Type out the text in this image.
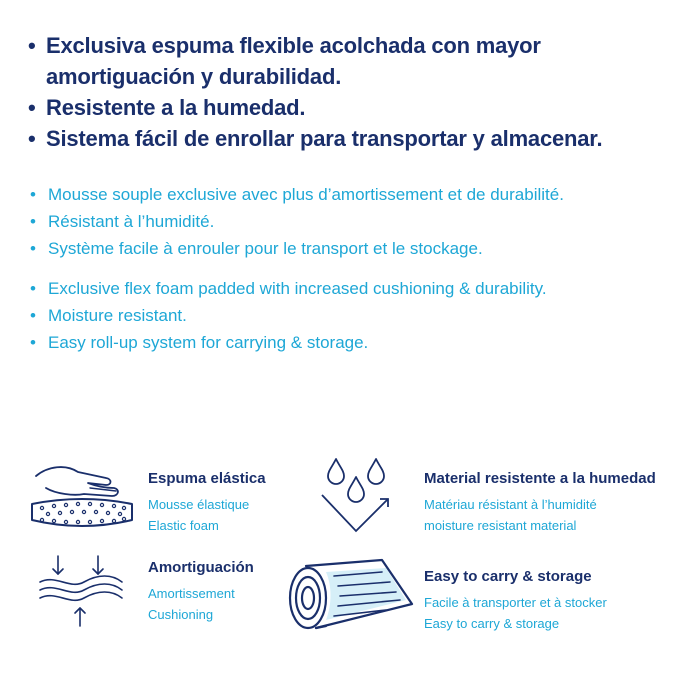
• Exclusiva espuma flexible acolchada con mayor
amortiguación y durabilidad.
• Resistente a la humedad.
• Sistema fácil de enrollar para transportar y almacenar.
• Mousse souple exclusive avec plus d’amortissement et de durabilité.
• Résistant à l’humidité.
• Système facile à enrouler pour le transport et le stockage.
• Exclusive flex foam padded with increased cushioning & durability.
• Moisture resistant.
• Easy roll-up system for carrying & storage.
Espuma elástica
Mousse élastique
Elastic foam
Material resistente a la humedad
Matériau résistant à l’humidité
moisture resistant material
Amortiguación
Amortissement
Cushioning
Easy to carry & storage
Facile à transporter et à stocker
Easy to carry & storage
